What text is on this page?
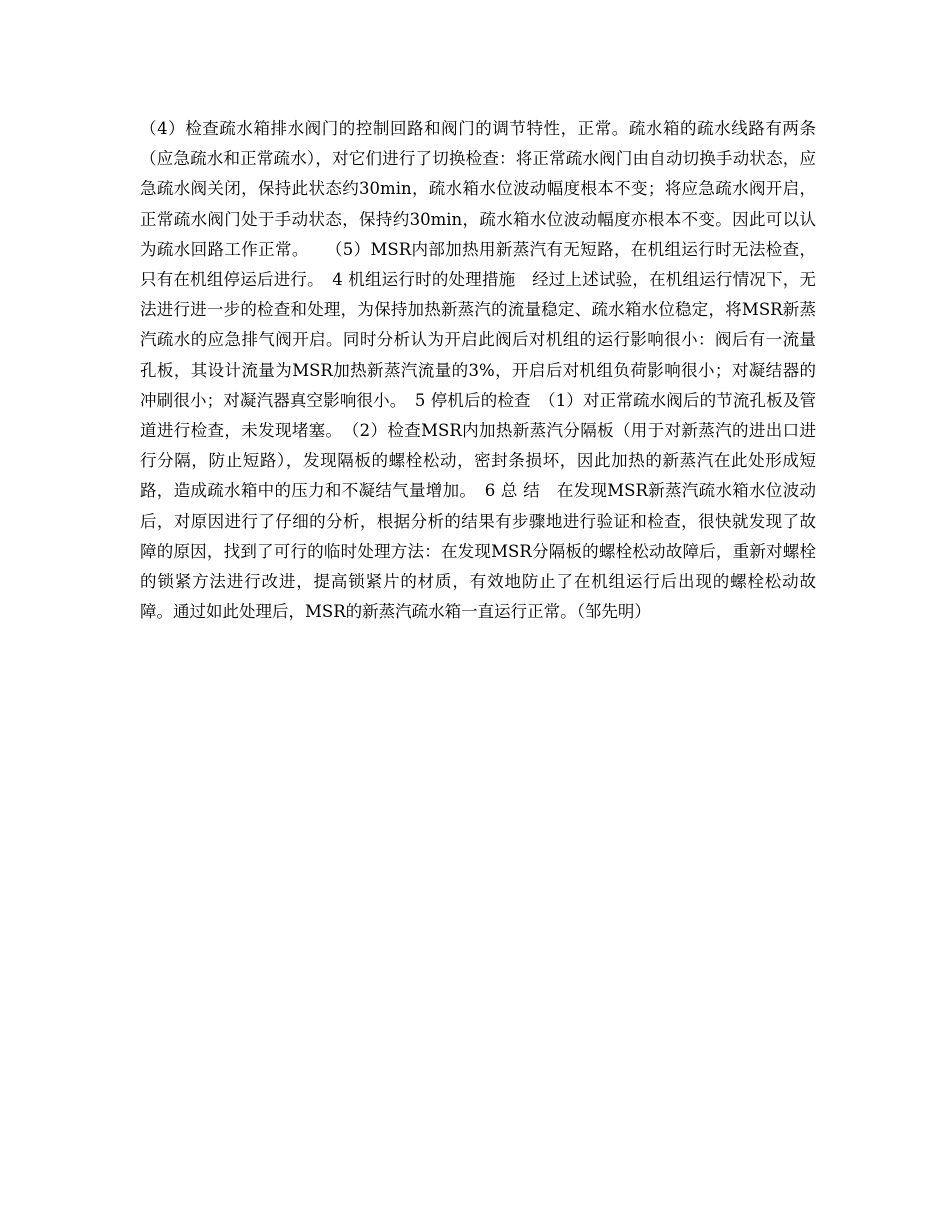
（4）检查疏水箱排水阀门的控制回路和阀门的调节特性，正常。疏水箱的疏水线路有两条（应急疏水和正常疏水），对它们进行了切换检查：将正常疏水阀门由自动切换手动状态，应急疏水阀关闭，保持此状态约30min，疏水箱水位波动幅度根本不变；将应急疏水阀开启，正常疏水阀门处于手动状态，保持约30min，疏水箱水位波动幅度亦根本不变。因此可以认为疏水回路工作正常。　　（5）MSR内部加热用新蒸汽有无短路，在机组运行时无法检查，只有在机组停运后进行。　4 机组运行时的处理措施　经过上述试验，在机组运行情况下，无法进行进一步的检查和处理，为保持加热新蒸汽的流量稳定、疏水箱水位稳定，将MSR新蒸汽疏水的应急排气阀开启。同时分析认为开启此阀后对机组的运行影响很小：阀后有一流量孔板，其设计流量为MSR加热新蒸汽流量的3%，开启后对机组负荷影响很小；对凝结器的冲刷很小；对凝汽器真空影响很小。　5 停机后的检查　（1）对正常疏水阀后的节流孔板及管道进行检查，未发现堵塞。　（2）检查MSR内加热新蒸汽分隔板（用于对新蒸汽的进出口进行分隔，防止短路），发现隔板的螺栓松动，密封条损坏，因此加热的新蒸汽在此处形成短路，造成疏水箱中的压力和不凝结气量增加。　6 总 结　在发现MSR新蒸汽疏水箱水位波动后，对原因进行了仔细的分析，根据分析的结果有步骤地进行验证和检查，很快就发现了故障的原因，找到了可行的临时处理方法：在发现MSR分隔板的螺栓松动故障后，重新对螺栓的锁紧方法进行改进，提高锁紧片的材质，有效地防止了在机组运行后出现的螺栓松动故障。通过如此处理后，MSR的新蒸汽疏水箱一直运行正常。（邹先明）
